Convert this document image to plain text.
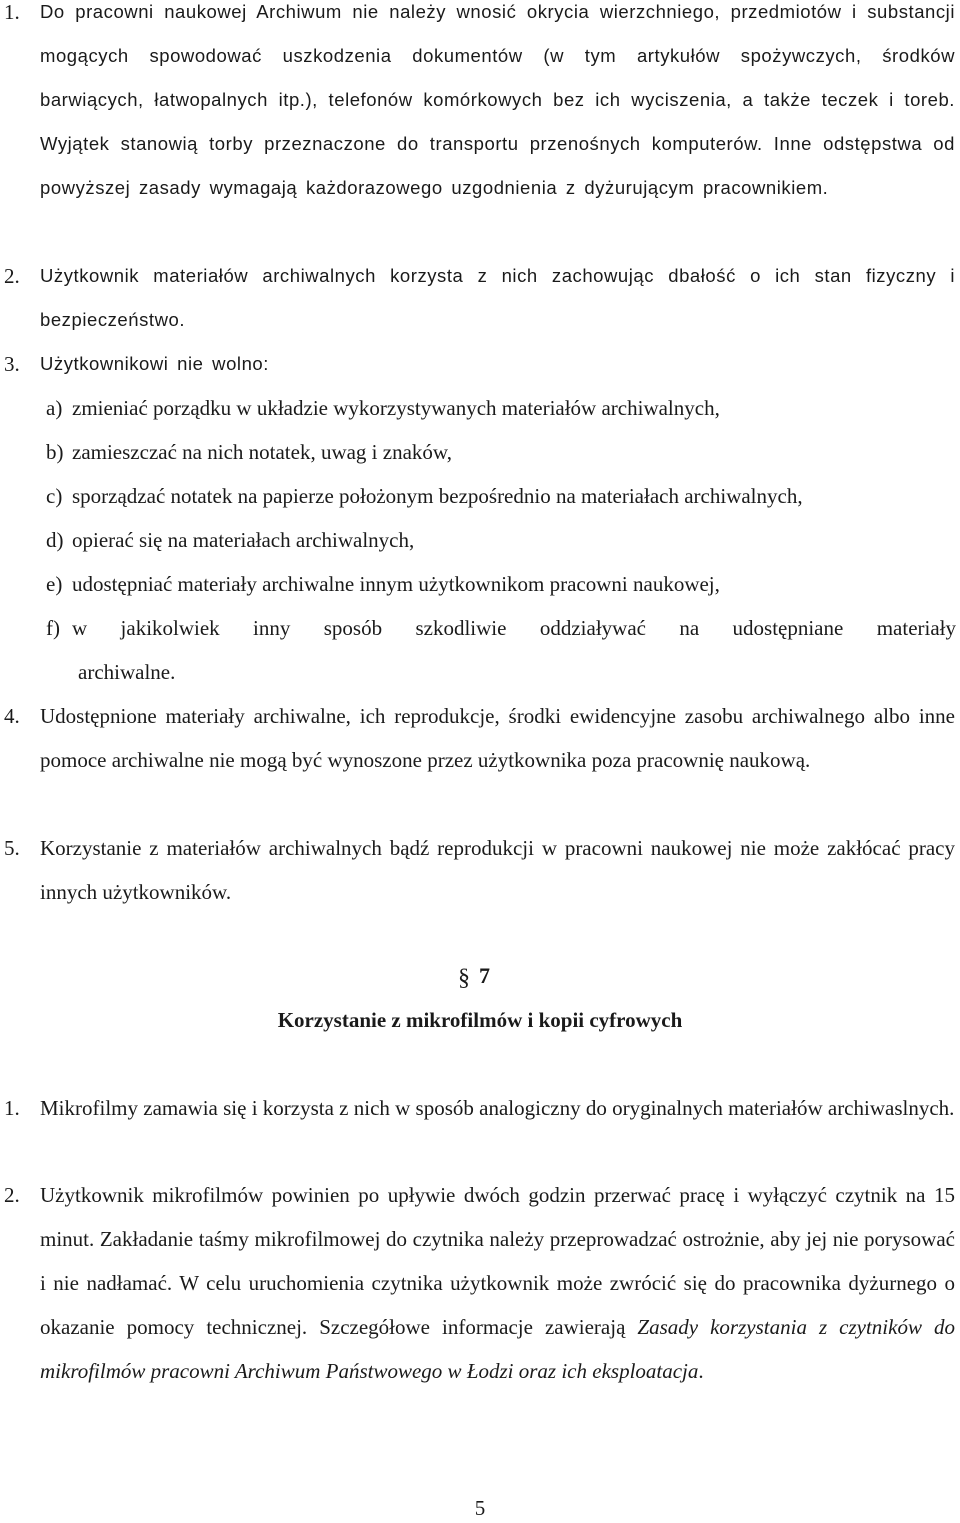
1. Do pracowni naukowej Archiwum nie należy wnosić okrycia wierzchniego, przedmiotów i substancji mogących spowodować uszkodzenia dokumentów (w tym artykułów spożywczych, środków barwiących, łatwopalnych itp.), telefonów komórkowych bez ich wyciszenia, a także teczek i toreb. Wyjątek stanowią torby przeznaczone do transportu przenośnych komputerów. Inne odstępstwa od powyższej zasady wymagają każdorazowego uzgodnienia z dyżurującym pracownikiem.
2. Użytkownik materiałów archiwalnych korzysta z nich zachowując dbałość o ich stan fizyczny i bezpieczeństwo.
3. Użytkownikowi nie wolno:
a) zmieniać porządku w układzie wykorzystywanych materiałów archiwalnych,
b) zamieszczać na nich notatek, uwag i znaków,
c) sporządzać notatek na papierze położonym bezpośrednio na materiałach archiwalnych,
d) opierać się na materiałach archiwalnych,
e) udostępniać materiały archiwalne innym użytkownikom pracowni naukowej,
f) w jakikolwiek inny sposób szkodliwie oddziaływać na udostępniane materiały
archiwalne.
4. Udostępnione materiały archiwalne, ich reprodukcje, środki ewidencyjne zasobu archiwalnego albo inne pomoce archiwalne nie mogą być wynoszone przez użytkownika poza pracownię naukową.
5. Korzystanie z materiałów archiwalnych bądź reprodukcji w pracowni naukowej nie może zakłócać pracy innych użytkowników.
§ 7
Korzystanie z mikrofilmów i kopii cyfrowych
1. Mikrofilmy zamawia się i korzysta z nich w sposób analogiczny do oryginalnych materiałów archiwaslnych.
2. Użytkownik mikrofilmów powinien po upływie dwóch godzin przerwać pracę i wyłączyć czytnik na 15 minut. Zakładanie taśmy mikrofilmowej do czytnika należy przeprowadzać ostrożnie, aby jej nie porysować i nie nadłamać. W celu uruchomienia czytnika użytkownik może zwrócić się do pracownika dyżurnego o okazanie pomocy technicznej. Szczegółowe informacje zawierają Zasady korzystania z czytników do mikrofilmów pracowni Archiwum Państwowego w Łodzi oraz ich eksploatacja.
5
